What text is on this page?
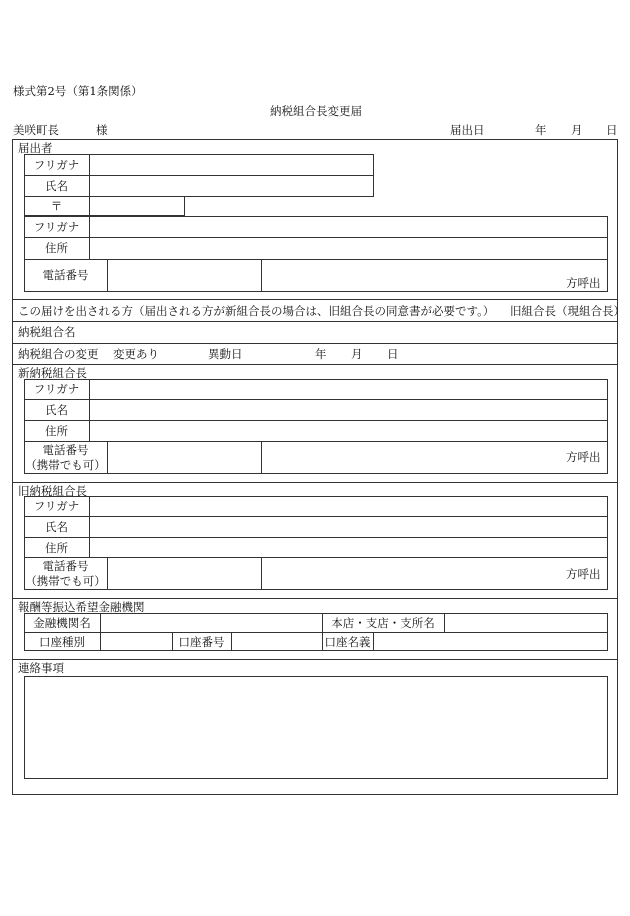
様式第2号（第1条関係）
納税組合長変更届
美咲町長	様	届出日	年 月 日
届出者
フリガナ
氏名
〒
フリガナ
住所
電話番号
方呼出
この届けを出される方（届出される方が新組合長の場合は、旧組合長の同意書が必要です。） 旧組合長（現組合長）
納税組合名
納税組合の変更 変更あり	異動日	年 月 日
新納税組合長
フリガナ
氏名
住所
電話番号
（携帯でも可）
方呼出
旧納税組合長
フリガナ
氏名
住所
電話番号
（携帯でも可）	方呼出
報酬等振込希望金融機関
金融機関名	本店・支店・支所名
口座種別	口座番号	口座名義
連絡事項
